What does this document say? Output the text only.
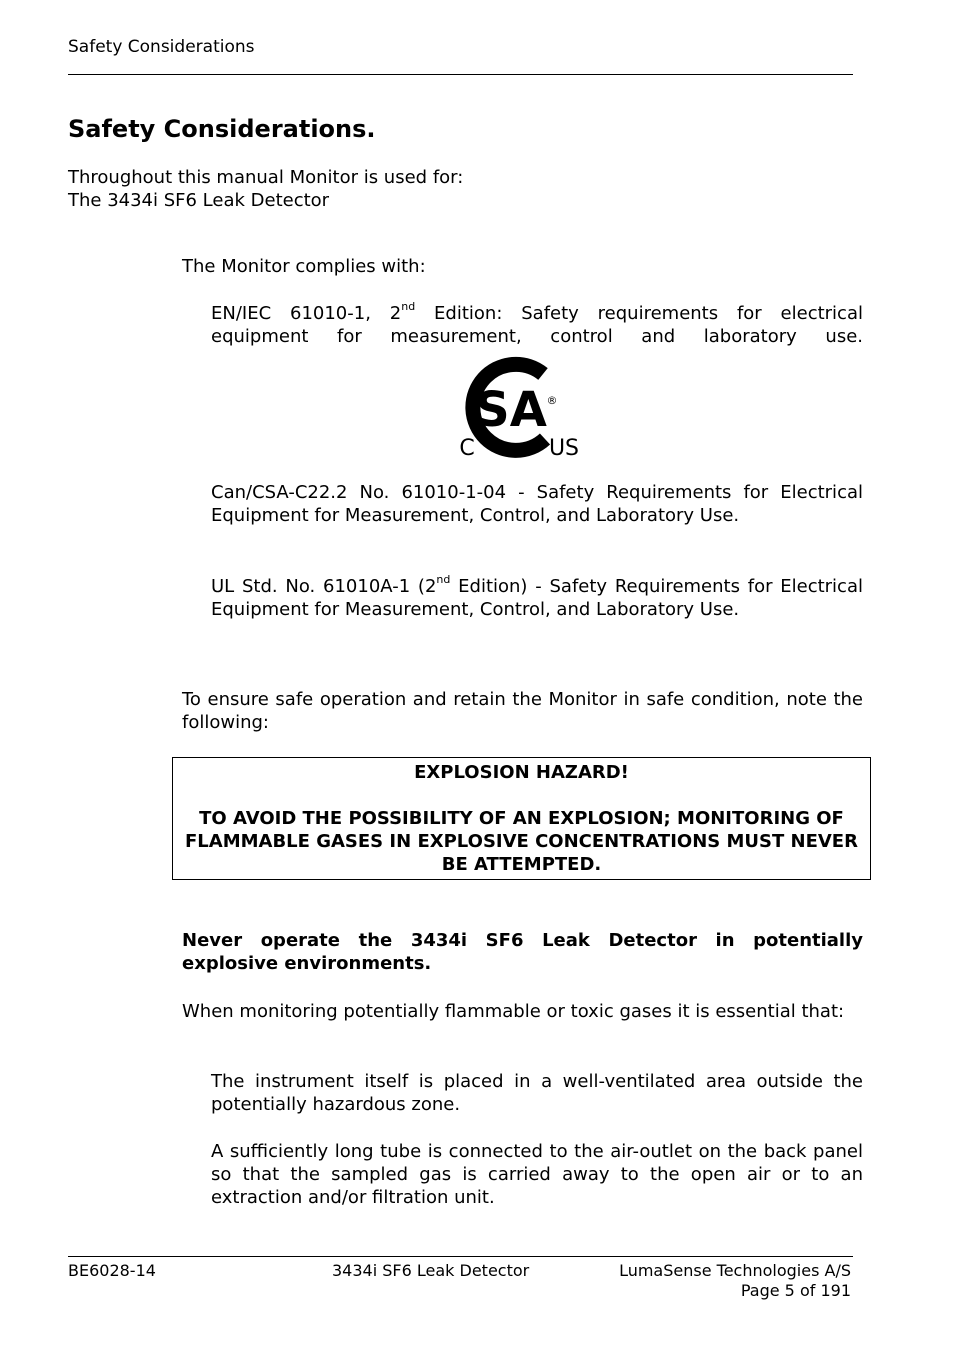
Safety Considerations
Safety Considerations.
Throughout this manual Monitor is used for:
The 3434i SF6 Leak Detector
The Monitor complies with:
EN/IEC 61010-1, 2nd Edition: Safety requirements for electrical equipment for measurement, control and laboratory use.
SA ®
C	US
Can/CSA-C22.2 No. 61010-1-04 - Safety Requirements for Electrical Equipment for Measurement, Control, and Laboratory Use.
UL Std. No. 61010A-1 (2nd Edition) - Safety Requirements for Electrical Equipment for Measurement, Control, and Laboratory Use.
To ensure safe operation and retain the Monitor in safe condition, note the following:
EXPLOSION HAZARD!
TO AVOID THE POSSIBILITY OF AN EXPLOSION; MONITORING OF FLAMMABLE GASES IN EXPLOSIVE CONCENTRATIONS MUST NEVER BE ATTEMPTED.
Never operate the 3434i SF6 Leak Detector in potentially explosive environments.
When monitoring potentially flammable or toxic gases it is essential that:
The instrument itself is placed in a well-ventilated area outside the potentially hazardous zone.
A sufficiently long tube is connected to the air-outlet on the back panel so that the sampled gas is carried away to the open air or to an extraction and/or filtration unit.
BE6028-14	3434i SF6 Leak Detector	LumaSense Technologies A/S
Page 5 of 191
